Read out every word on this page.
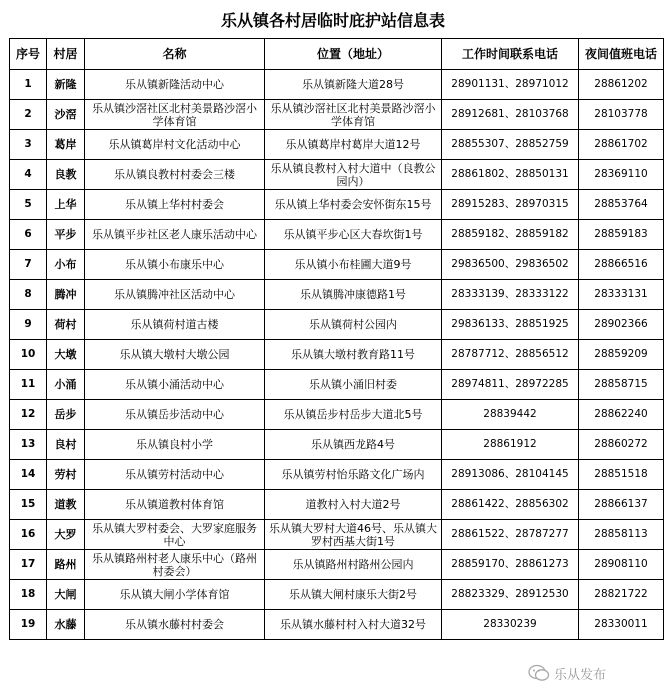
乐从镇各村居临时庇护站信息表
序号	村居	名称	位置（地址）	工作时间联系电话	夜间值班电话
1	新隆	乐从镇新隆活动中心	乐从镇新隆大道28号	28901131、28971012	28861202
2	沙滘	乐从镇沙滘社区北村美景路沙滘小学体育馆	乐从镇沙滘社区北村美景路沙滘小学体育馆	28912681、28103768	28103778
3	葛岸	乐从镇葛岸村文化活动中心	乐从镇葛岸村葛岸大道12号	28855307、28852759	28861702
4	良教	乐从镇良教村村委会三楼	乐从镇良教村入村大道中（良教公园内）	28861802、28850131	28369110
5	上华	乐从镇上华村村委会	乐从镇上华村委会安怀街东15号	28915283、28970315	28853764
6	平步	乐从镇平步社区老人康乐活动中心	乐从镇平步心区大春坎街1号	28859182、28859182	28859183
7	小布	乐从镇小布康乐中心	乐从镇小布桂圃大道9号	29836500、29836502	28866516
8	腾冲	乐从镇腾冲社区活动中心	乐从镇腾冲康德路1号	28333139、28333122	28333131
9	荷村	乐从镇荷村道古楼	乐从镇荷村公园内	29836133、28851925	28902366
10	大墩	乐从镇大墩村大墩公园	乐从镇大墩村教育路11号	28787712、28856512	28859209
11	小涌	乐从镇小涌活动中心	乐从镇小涌旧村委	28974811、28972285	28858715
12	岳步	乐从镇岳步活动中心	乐从镇岳步村岳步大道北5号	28839442	28862240
13	良村	乐从镇良村小学	乐从镇西龙路4号	28861912	28860272
14	劳村	乐从镇劳村活动中心	乐从镇劳村怡乐路文化广场内	28913086、28104145	28851518
15	道教	乐从镇道教村体育馆	道教村入村大道2号	28861422、28856302	28866137
16	大罗	乐从镇大罗村委会、大罗家庭服务中心	乐从镇大罗村大道46号、乐从镇大罗村西基大街1号	28861522、28787277	28858113
17	路州	乐从镇路州村老人康乐中心（路州村委会）	乐从镇路州村路州公园内	28859170、28861273	28908110
18	大闸	乐从镇大闸小学体育馆	乐从镇大闸村康乐大街2号	28823329、28912530	28821722
19	水藤	乐从镇水藤村村委会	乐从镇水藤村村入村大道32号	28330239	28330011
乐从发布
